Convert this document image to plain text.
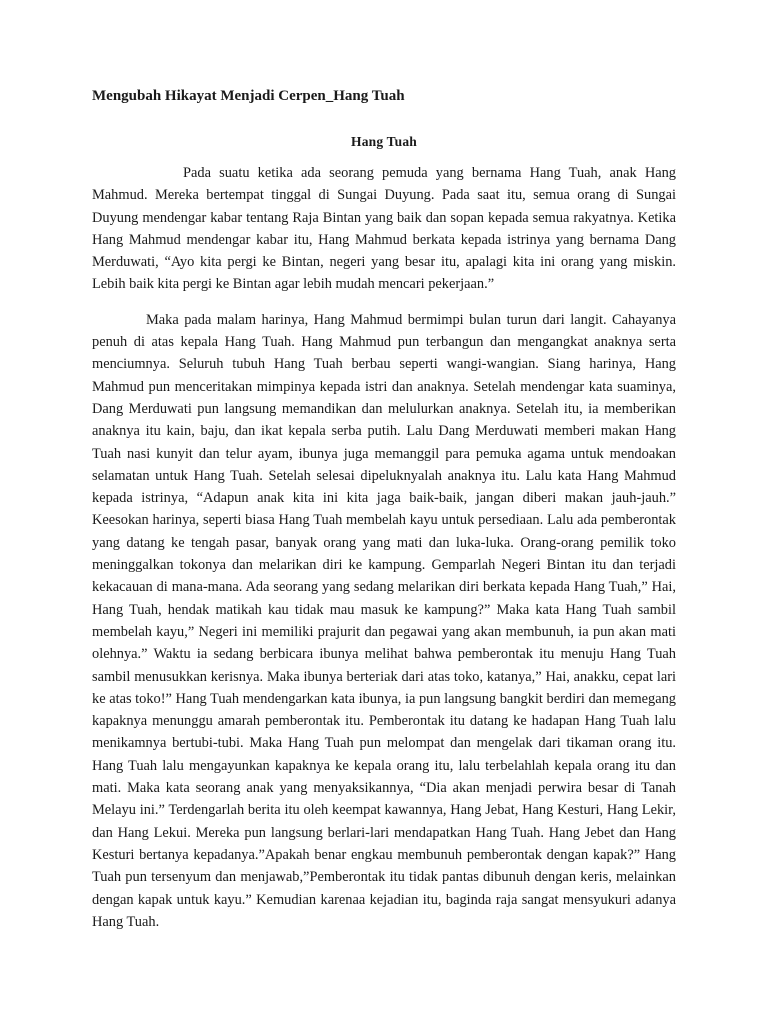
Mengubah Hikayat Menjadi Cerpen_Hang Tuah
Hang Tuah

Pada suatu ketika ada seorang pemuda yang bernama Hang Tuah, anak Hang Mahmud. Mereka bertempat tinggal di Sungai Duyung. Pada saat itu, semua orang di Sungai Duyung mendengar kabar tentang Raja Bintan yang baik dan sopan kepada semua rakyatnya. Ketika Hang Mahmud mendengar kabar itu, Hang Mahmud berkata kepada istrinya yang bernama Dang Merduwati, “Ayo kita pergi ke Bintan, negeri yang besar itu, apalagi kita ini orang yang miskin. Lebih baik kita pergi ke Bintan agar lebih mudah mencari pekerjaan.”

Maka pada malam harinya, Hang Mahmud bermimpi bulan turun dari langit. Cahayanya penuh di atas kepala Hang Tuah. Hang Mahmud pun terbangun dan mengangkat anaknya serta menciumnya. Seluruh tubuh Hang Tuah berbau seperti wangi-wangian. Siang harinya, Hang Mahmud pun menceritakan mimpinya kepada istri dan anaknya. Setelah mendengar kata suaminya, Dang Merduwati pun langsung memandikan dan melulurkan anaknya. Setelah itu, ia memberikan anaknya itu kain, baju, dan ikat kepala serba putih. Lalu Dang Merduwati memberi makan Hang Tuah nasi kunyit dan telur ayam, ibunya juga memanggil para pemuka agama untuk mendoakan selamatan untuk Hang Tuah. Setelah selesai dipeluknyalah anaknya itu. Lalu kata Hang Mahmud kepada istrinya, “Adapun anak kita ini kita jaga baik-baik, jangan diberi makan jauh-jauh.” Keesokan harinya, seperti biasa Hang Tuah membelah kayu untuk persediaan. Lalu ada pemberontak yang datang ke tengah pasar, banyak orang yang mati dan luka-luka. Orang-orang pemilik toko meninggalkan tokonya dan melarikan diri ke kampung. Gemparlah Negeri Bintan itu dan terjadi kekacauan di mana-mana. Ada seorang yang sedang melarikan diri berkata kepada Hang Tuah,” Hai, Hang Tuah, hendak matikah kau tidak mau masuk ke kampung?” Maka kata Hang Tuah sambil membelah kayu,” Negeri ini memiliki prajurit dan pegawai yang akan membunuh, ia pun akan mati olehnya.” Waktu ia sedang berbicara ibunya melihat bahwa pemberontak itu menuju Hang Tuah sambil menusukkan kerisnya. Maka ibunya berteriak dari atas toko, katanya,” Hai, anakku, cepat lari ke atas toko!” Hang Tuah mendengarkan kata ibunya, ia pun langsung bangkit berdiri dan memegang kapaknya menunggu amarah pemberontak itu. Pemberontak itu datang ke hadapan Hang Tuah lalu menikamnya bertubi-tubi. Maka Hang Tuah pun melompat dan mengelak dari tikaman orang itu. Hang Tuah lalu mengayunkan kapaknya ke kepala orang itu, lalu terbelahlah kepala orang itu dan mati. Maka kata seorang anak yang menyaksikannya, “Dia akan menjadi perwira besar di Tanah Melayu ini.” Terdengarlah berita itu oleh keempat kawannya, Hang Jebat, Hang Kesturi, Hang Lekir, dan Hang Lekui. Mereka pun langsung berlari-lari mendapatkan Hang Tuah. Hang Jebet dan Hang Kesturi bertanya kepadanya.”Apakah benar engkau membunuh pemberontak dengan kapak?” Hang Tuah pun tersenyum dan menjawab,”Pemberontak itu tidak pantas dibunuh dengan keris, melainkan dengan kapak untuk kayu.” Kemudian karenaa kejadian itu, baginda raja sangat mensyukuri adanya Hang Tuah.
